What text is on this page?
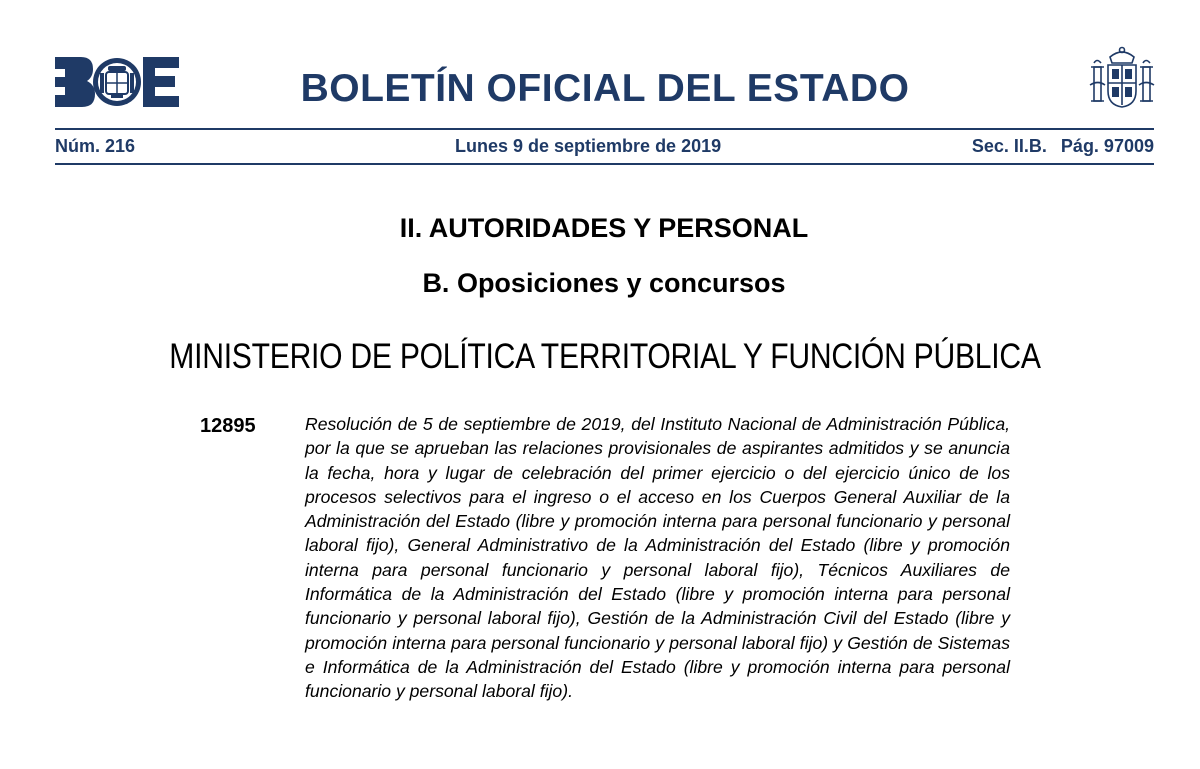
BOLETÍN OFICIAL DEL ESTADO
Núm. 216	Lunes 9 de septiembre de 2019	Sec. II.B. Pág. 97009
II. AUTORIDADES Y PERSONAL
B. Oposiciones y concursos
MINISTERIO DE POLÍTICA TERRITORIAL Y FUNCIÓN PÚBLICA
12895	Resolución de 5 de septiembre de 2019, del Instituto Nacional de Administración Pública, por la que se aprueban las relaciones provisionales de aspirantes admitidos y se anuncia la fecha, hora y lugar de celebración del primer ejercicio o del ejercicio único de los procesos selectivos para el ingreso o el acceso en los Cuerpos General Auxiliar de la Administración del Estado (libre y promoción interna para personal funcionario y personal laboral fijo), General Administrativo de la Administración del Estado (libre y promoción interna para personal funcionario y personal laboral fijo), Técnicos Auxiliares de Informática de la Administración del Estado (libre y promoción interna para personal funcionario y personal laboral fijo), Gestión de la Administración Civil del Estado (libre y promoción interna para personal funcionario y personal laboral fijo) y Gestión de Sistemas e Informática de la Administración del Estado (libre y promoción interna para personal funcionario y personal laboral fijo).
